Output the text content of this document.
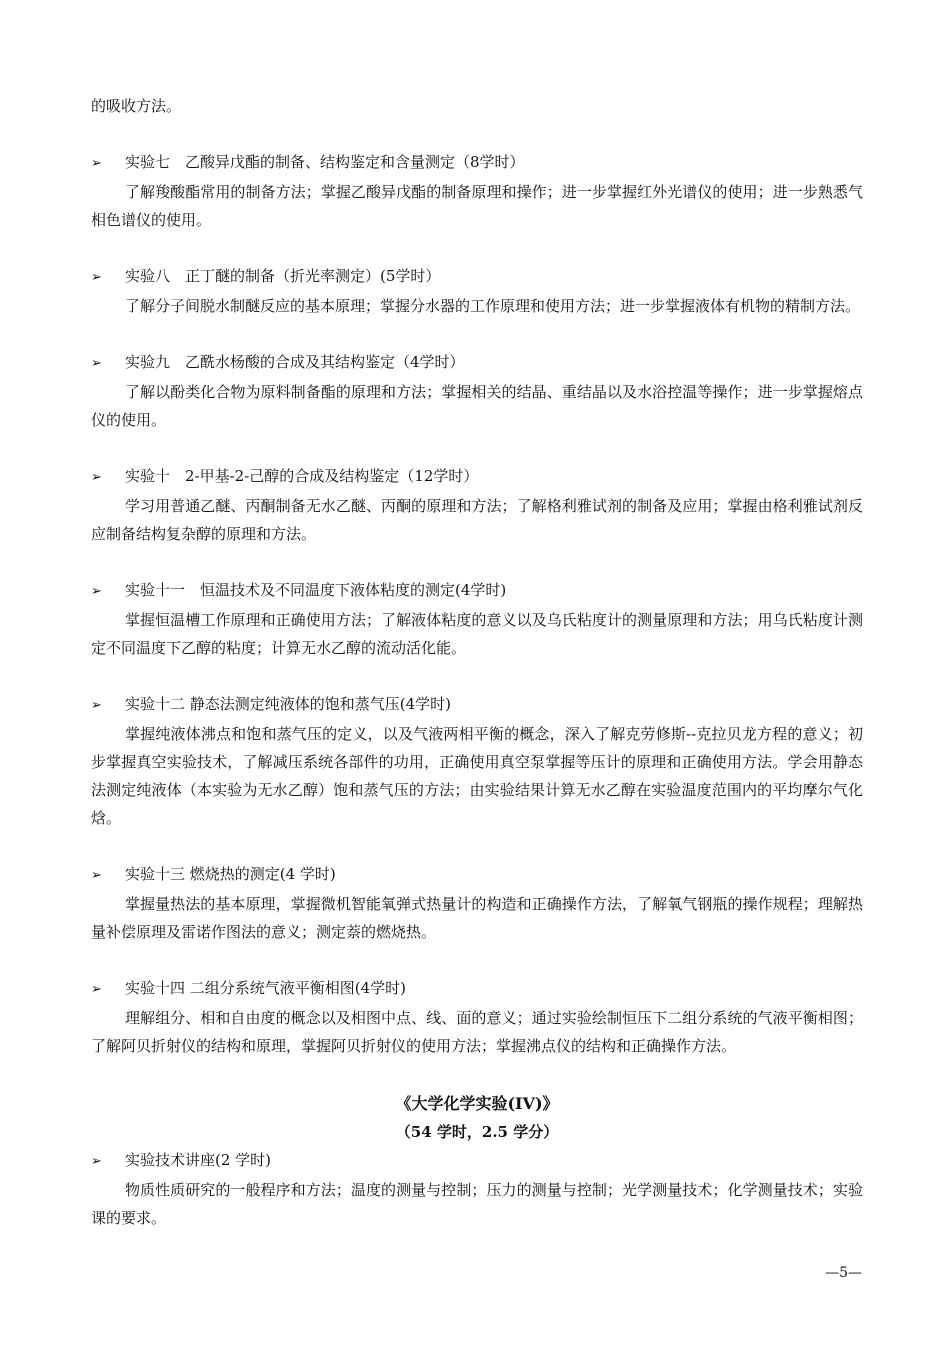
的吸收方法。

➢ 实验七　乙酸异戊酯的制备、结构鉴定和含量测定（8学时）

了解羧酸酯常用的制备方法；掌握乙酸异戊酯的制备原理和操作；进一步掌握红外光谱仪的使用；进一步熟悉气相色谱仪的使用。

➢ 实验八　正丁醚的制备（折光率测定）(5学时）

了解分子间脱水制醚反应的基本原理；掌握分水器的工作原理和使用方法；进一步掌握液体有机物的精制方法。

➢ 实验九　乙酰水杨酸的合成及其结构鉴定（4学时）

了解以酚类化合物为原料制备酯的原理和方法；掌握相关的结晶、重结晶以及水浴控温等操作；进一步掌握熔点仪的使用。

➢ 实验十　2-甲基-2-己醇的合成及结构鉴定（12学时）

学习用普通乙醚、丙酮制备无水乙醚、丙酮的原理和方法；了解格利雅试剂的制备及应用；掌握由格利雅试剂反应制备结构复杂醇的原理和方法。

➢ 实验十一　恒温技术及不同温度下液体粘度的测定(4学时)

掌握恒温槽工作原理和正确使用方法；了解液体粘度的意义以及乌氏粘度计的测量原理和方法；用乌氏粘度计测定不同温度下乙醇的粘度；计算无水乙醇的流动活化能。

➢ 实验十二 静态法测定纯液体的饱和蒸气压(4学时)

掌握纯液体沸点和饱和蒸气压的定义，以及气液两相平衡的概念，深入了解克劳修斯--克拉贝龙方程的意义；初步掌握真空实验技术，了解减压系统各部件的功用，正确使用真空泵掌握等压计的原理和正确使用方法。学会用静态法测定纯液体（本实验为无水乙醇）饱和蒸气压的方法；由实验结果计算无水乙醇在实验温度范围内的平均摩尔气化焓。

➢ 实验十三 燃烧热的测定(4 学时)

掌握量热法的基本原理，掌握微机智能氧弹式热量计的构造和正确操作方法，了解氧气钢瓶的操作规程；理解热量补偿原理及雷诺作图法的意义；测定萘的燃烧热。

➢ 实验十四 二组分系统气液平衡相图(4学时)

理解组分、相和自由度的概念以及相图中点、线、面的意义；通过实验绘制恒压下二组分系统的气液平衡相图；了解阿贝折射仪的结构和原理，掌握阿贝折射仪的使用方法；掌握沸点仪的结构和正确操作方法。

《大学化学实验(IV)》

（54 学时，2.5 学分）

➢ 实验技术讲座(2 学时)

物质性质研究的一般程序和方法；温度的测量与控制；压力的测量与控制；光学测量技术；化学测量技术；实验课的要求。

—5—
